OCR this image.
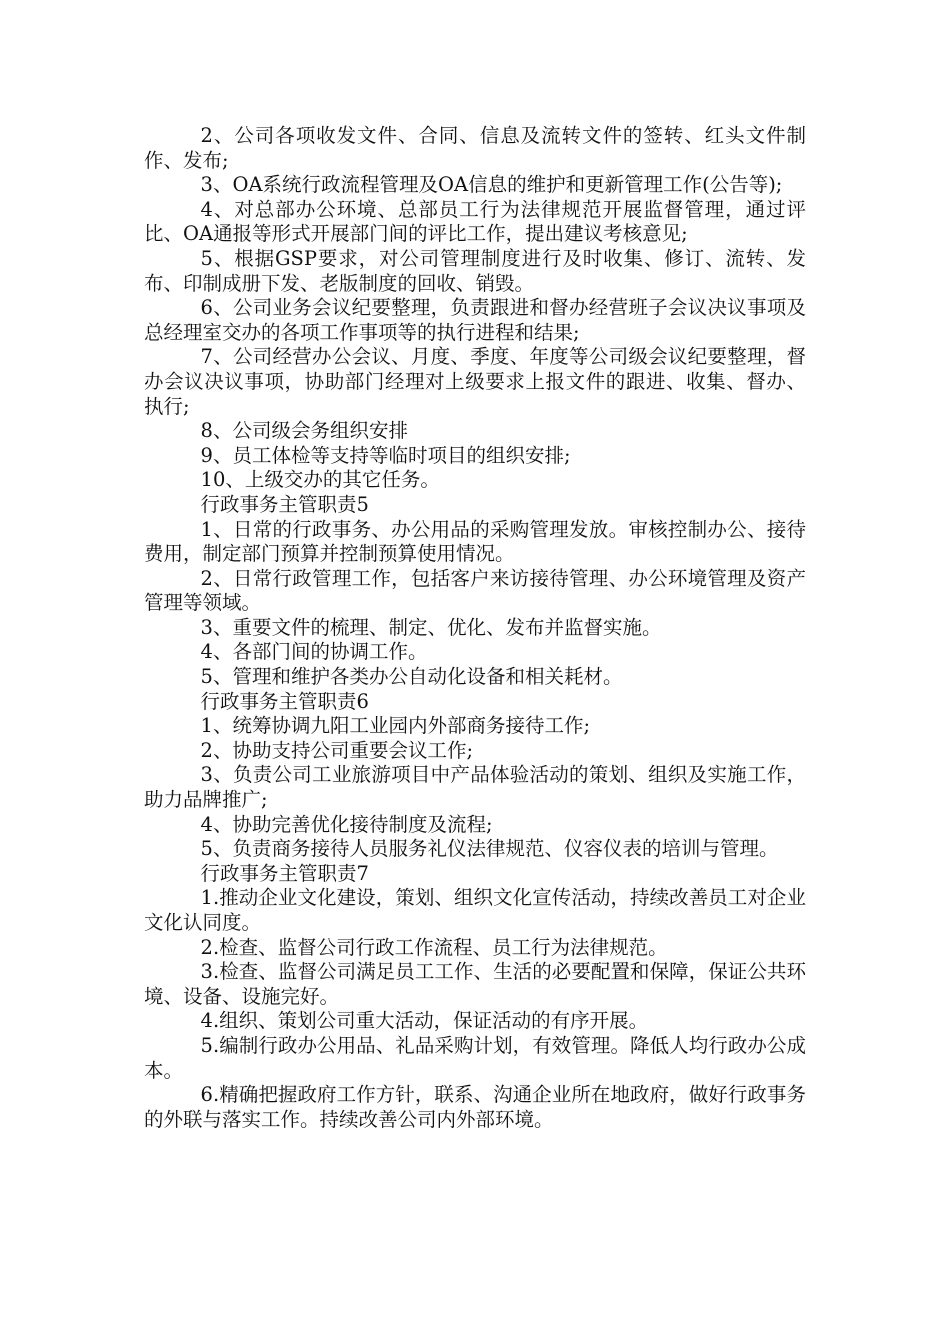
2、公司各项收发文件、合同、信息及流转文件的签转、红头文件制作、发布;

3、OA系统行政流程管理及OA信息的维护和更新管理工作(公告等);

4、对总部办公环境、总部员工行为法律规范开展监督管理，通过评比、OA通报等形式开展部门间的评比工作，提出建议考核意见;

5、根据GSP要求，对公司管理制度进行及时收集、修订、流转、发布、印制成册下发、老版制度的回收、销毁。

6、公司业务会议纪要整理，负责跟进和督办经营班子会议决议事项及总经理室交办的各项工作事项等的执行进程和结果;

7、公司经营办公会议、月度、季度、年度等公司级会议纪要整理，督办会议决议事项，协助部门经理对上级要求上报文件的跟进、收集、督办、执行;

8、公司级会务组织安排

9、员工体检等支持等临时项目的组织安排;

10、上级交办的其它任务。

行政事务主管职责5

1、日常的行政事务、办公用品的采购管理发放。审核控制办公、接待费用，制定部门预算并控制预算使用情况。

2、日常行政管理工作，包括客户来访接待管理、办公环境管理及资产管理等领域。

3、重要文件的梳理、制定、优化、发布并监督实施。

4、各部门间的协调工作。

5、管理和维护各类办公自动化设备和相关耗材。

行政事务主管职责6

1、统筹协调九阳工业园内外部商务接待工作;

2、协助支持公司重要会议工作;

3、负责公司工业旅游项目中产品体验活动的策划、组织及实施工作，助力品牌推广;

4、协助完善优化接待制度及流程;

5、负责商务接待人员服务礼仪法律规范、仪容仪表的培训与管理。

行政事务主管职责7

1.推动企业文化建设，策划、组织文化宣传活动，持续改善员工对企业文化认同度。

2.检查、监督公司行政工作流程、员工行为法律规范。

3.检查、监督公司满足员工工作、生活的必要配置和保障，保证公共环境、设备、设施完好。

4.组织、策划公司重大活动，保证活动的有序开展。

5.编制行政办公用品、礼品采购计划，有效管理。降低人均行政办公成本。

6.精确把握政府工作方针，联系、沟通企业所在地政府，做好行政事务的外联与落实工作。持续改善公司内外部环境。
